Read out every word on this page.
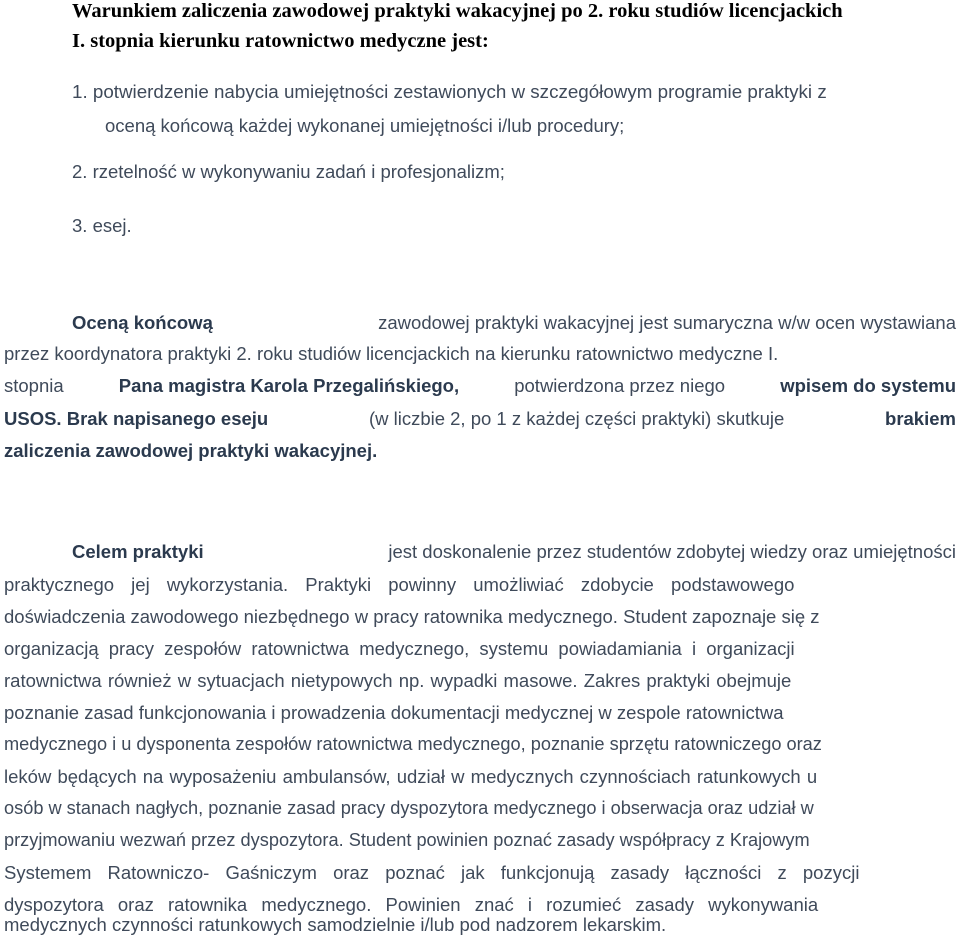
Warunkiem zaliczenia zawodowej praktyki wakacyjnej po 2. roku studiów licencjackich
I. stopnia kierunku ratownictwo medyczne jest:
1. potwierdzenie nabycia umiejętności zestawionych w szczegółowym programie praktyki z
oceną końcową każdej wykonanej umiejętności i/lub procedury;
2. rzetelność w wykonywaniu zadań i profesjonalizm;
3. esej.
Oceną końcową	zawodowej praktyki wakacyjnej jest sumaryczna w/w ocen wystawiana
przez koordynatora praktyki 2. roku studiów licencjackich na kierunku ratownictwo medyczne I.
stopnia	Pana magistra Karola Przegalińskiego,	potwierdzona przez niego	wpisem do systemu
USOS. Brak napisanego eseju	(w liczbie 2, po 1 z każdej części praktyki) skutkuje	brakiem
zaliczenia zawodowej praktyki wakacyjnej.
Celem praktyki	jest doskonalenie przez studentów zdobytej wiedzy oraz umiejętności
praktycznego jej wykorzystania. Praktyki powinny umożliwiać zdobycie podstawowego
doświadczenia zawodowego niezbędnego w pracy ratownika medycznego. Student zapoznaje się z
organizacją pracy zespołów ratownictwa medycznego, systemu powiadamiania i organizacji
ratownictwa również w sytuacjach nietypowych np. wypadki masowe. Zakres praktyki obejmuje
poznanie zasad funkcjonowania i prowadzenia dokumentacji medycznej w zespole ratownictwa
medycznego i u dysponenta zespołów ratownictwa medycznego, poznanie sprzętu ratowniczego oraz
leków będących na wyposażeniu ambulansów, udział w medycznych czynnościach ratunkowych u
osób w stanach nagłych, poznanie zasad pracy dyspozytora medycznego i obserwacja oraz udział w
przyjmowaniu wezwań przez dyspozytora. Student powinien poznać zasady współpracy z Krajowym
Systemem Ratowniczo- Gaśniczym oraz poznać jak funkcjonują zasady łączności z pozycji
dyspozytora oraz ratownika medycznego. Powinien znać i rozumieć zasady wykonywania
medycznych czynności ratunkowych samodzielnie i/lub pod nadzorem lekarskim.
